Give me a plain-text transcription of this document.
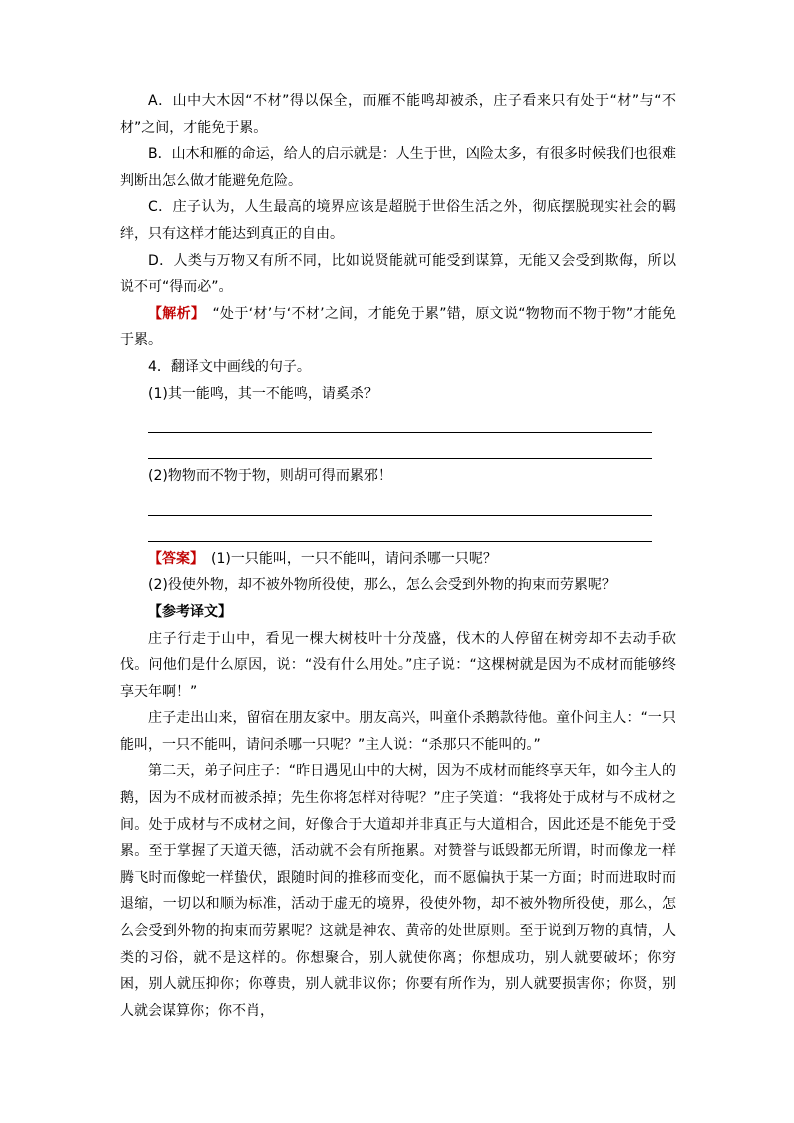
A．山中大木因“不材”得以保全，而雁不能鸣却被杀，庄子看来只有处于“材”与“不材”之间，才能免于累。

B．山木和雁的命运，给人的启示就是：人生于世，凶险太多，有很多时候我们也很难判断出怎么做才能避免危险。

C．庄子认为，人生最高的境界应该是超脱于世俗生活之外，彻底摆脱现实社会的羁绊，只有这样才能达到真正的自由。

D．人类与万物又有所不同，比如说贤能就可能受到谋算，无能又会受到欺侮，所以说不可“得而必”。

【解析】　“处于‘材’与‘不材’之间，才能免于累”错，原文说“物物而不物于物”才能免于累。

4．翻译文中画线的句子。

(1)其一能鸣，其一不能鸣，请奚杀？

(2)物物而不物于物，则胡可得而累邪！

【答案】　(1)一只能叫，一只不能叫，请问杀哪一只呢？

(2)役使外物，却不被外物所役使，那么，怎么会受到外物的拘束而劳累呢？

【参考译文】

庄子行走于山中，看见一棵大树枝叶十分茂盛，伐木的人停留在树旁却不去动手砍伐。问他们是什么原因，说：“没有什么用处。”庄子说：“这棵树就是因为不成材而能够终享天年啊！”

庄子走出山来，留宿在朋友家中。朋友高兴，叫童仆杀鹅款待他。童仆问主人：“一只能叫，一只不能叫，请问杀哪一只呢？”主人说：“杀那只不能叫的。”

第二天，弟子问庄子：“昨日遇见山中的大树，因为不成材而能终享天年，如今主人的鹅，因为不成材而被杀掉；先生你将怎样对待呢？”庄子笑道：“我将处于成材与不成材之间。处于成材与不成材之间，好像合于大道却并非真正与大道相合，因此还是不能免于受累。至于掌握了天道天德，活动就不会有所拖累。对赞誉与诋毁都无所谓，时而像龙一样腾飞时而像蛇一样蛰伏，跟随时间的推移而变化，而不愿偏执于某一方面；时而进取时而退缩，一切以和顺为标准，活动于虚无的境界，役使外物，却不被外物所役使，那么，怎么会受到外物的拘束而劳累呢？这就是神农、黄帝的处世原则。至于说到万物的真情，人类的习俗，就不是这样的。你想聚合，别人就使你离；你想成功，别人就要破坏；你穷困，别人就压抑你；你尊贵，别人就非议你；你要有所作为，别人就要损害你；你贤，别人就会谋算你；你不肖，
